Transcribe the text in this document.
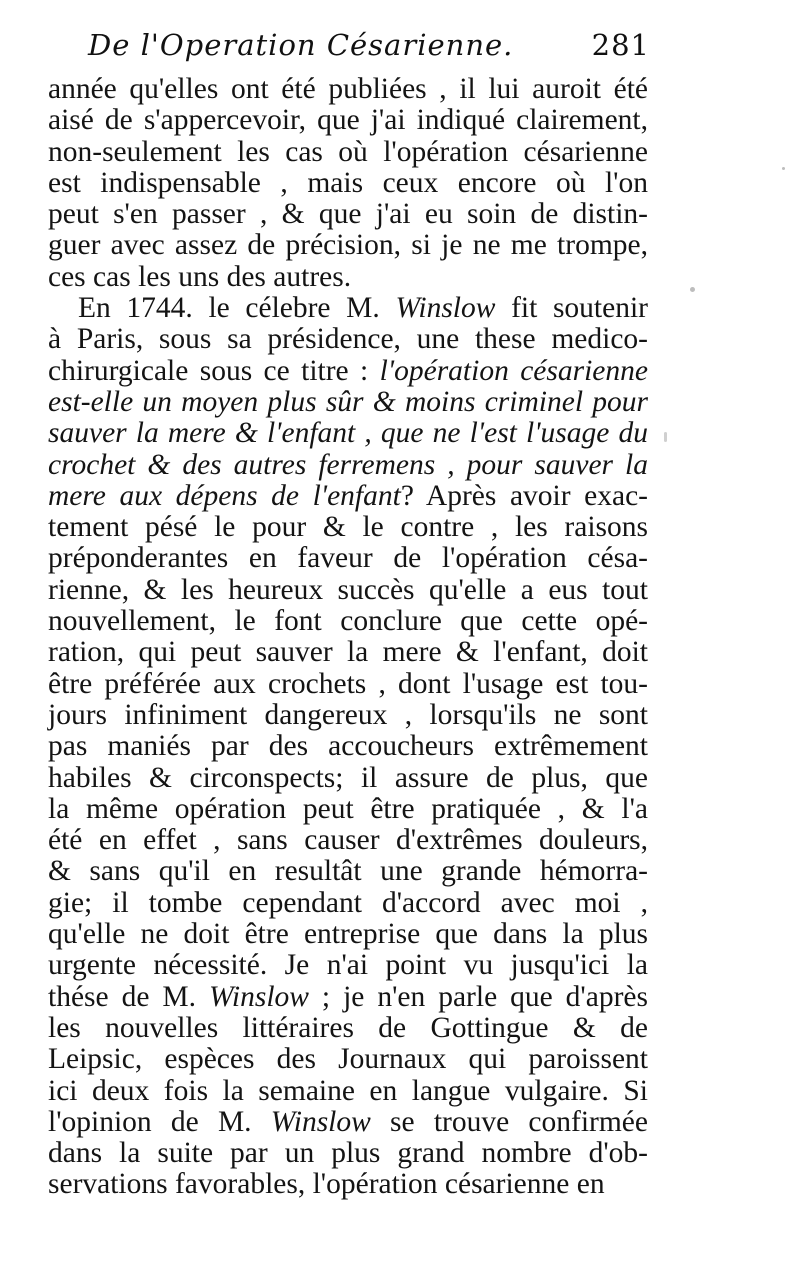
De l'Operation Césarienne.	281
année qu'elles ont été publiées , il lui auroit été
aisé de s'appercevoir, que j'ai indiqué clairement,
non-seulement les cas où l'opération césarienne
est indispensable , mais ceux encore où l'on
peut s'en passer , & que j'ai eu soin de distin-
guer avec assez de précision, si je ne me trompe,
ces cas les uns des autres.
En 1744. le célebre M. Winslow fit soutenir
à Paris, sous sa présidence, une these medico-
chirurgicale sous ce titre : l'opération césarienne
est-elle un moyen plus sûr & moins criminel pour
sauver la mere & l'enfant , que ne l'est l'usage du
crochet & des autres ferremens , pour sauver la
mere aux dépens de l'enfant? Après avoir exac-
tement pésé le pour & le contre , les raisons
préponderantes en faveur de l'opération césa-
rienne, & les heureux succès qu'elle a eus tout
nouvellement, le font conclure que cette opé-
ration, qui peut sauver la mere & l'enfant, doit
être préférée aux crochets , dont l'usage est tou-
jours infiniment dangereux , lorsqu'ils ne sont
pas maniés par des accoucheurs extrêmement
habiles & circonspects; il assure de plus, que
la même opération peut être pratiquée , & l'a
été en effet , sans causer d'extrêmes douleurs,
& sans qu'il en resultât une grande hémorra-
gie; il tombe cependant d'accord avec moi ,
qu'elle ne doit être entreprise que dans la plus
urgente nécessité. Je n'ai point vu jusqu'ici la
thése de M. Winslow ; je n'en parle que d'après
les nouvelles littéraires de Gottingue & de
Leipsic, espèces des Journaux qui paroissent
ici deux fois la semaine en langue vulgaire. Si
l'opinion de M. Winslow se trouve confirmée
dans la suite par un plus grand nombre d'ob-
servations favorables, l'opération césarienne en
